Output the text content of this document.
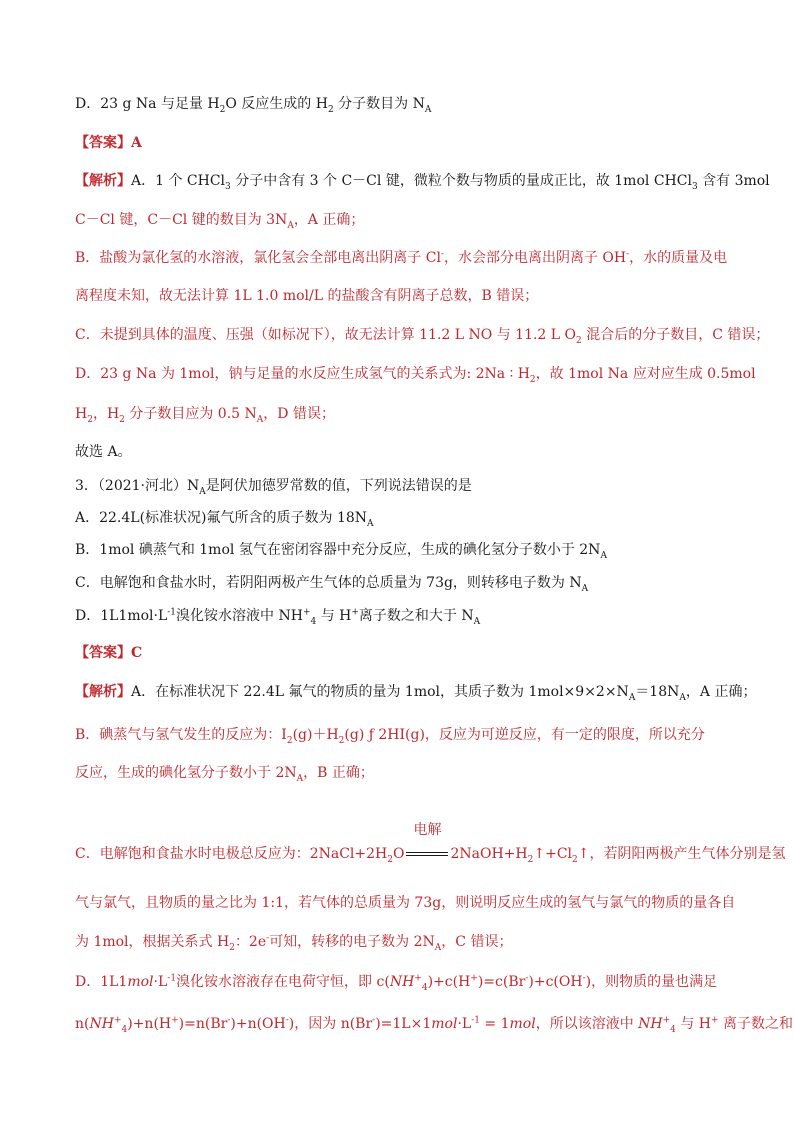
D．23 g Na 与足量 $H_2O$ 反应生成的 $H_2$ 分子数目为 $N_A$
【答案】A
【解析】A．1 个 CHCl$_3$ 分子中含有 3 个 C－Cl 键，微粒个数与物质的量成正比，故 1mol CHCl$_3$ 含有 3mol
C－Cl 键，C－Cl 键的数目为 $3N_A$，A 正确；
B．盐酸为氯化氢的水溶液，氯化氢会全部电离出阴离子 Cl-，水会部分电离出阴离子 OH-，水的质量及电
离程度未知，故无法计算 1L 1.0 mol/L 的盐酸含有阴离子总数，B 错误；
C．未提到具体的温度、压强（如标况下），故无法计算 11.2 L NO 与 11.2 L $O_2$ 混合后的分子数目，C 错误；
D．23 g Na 为 1mol，钠与足量的水反应生成氢气的关系式为: 2Na ∶ $H_2$，故 1mol Na 应对应生成 0.5mol
$H_2$，$H_2$ 分子数目应为 0.5 $N_A$，D 错误；
故选 A。
3．（2021·河北）$N_A$是阿伏加德罗常数的值，下列说法错误的是
A．22.4L(标准状况)氟气所含的质子数为 $18N_A$
B．1mol 碘蒸气和 1mol 氢气在密闭容器中充分反应，生成的碘化氢分子数小于 $2N_A$
C．电解饱和食盐水时，若阴阳两极产生气体的总质量为 73g，则转移电子数为 $N_A$
D．$1L1mol\cdot L^{-1}$溴化铵水溶液中 $NH^+_4$ 与 H+离子数之和大于 $N_A$
【答案】C
【解析】A．在标准状况下 22.4L 氟气的物质的量为 1mol，其质子数为 $1mol\times 9\times 2\times N_A=18N_A$，A 正确；
B．碘蒸气与氢气发生的反应为：$I_2(g)+H_2(g)$ ƒ 2HI(g)，反应为可逆反应，有一定的限度，所以充分
反应，生成的碘化氢分子数小于 $2N_A$，B 正确；
C．电解饱和食盐水时电极总反应为：$2NaCl+2H_2O$
电解
$2NaOH+H_2↑+Cl_2↑$，若阴阳两极产生气体分别是氢
气与氯气，且物质的量之比为 1:1，若气体的总质量为 73g，则说明反应生成的氢气与氯气的物质的量各自
为 1mol，根据关系式 $H_2$：2e-可知，转移的电子数为 $2N_A$，C 错误；
D．$1L1mol\cdot L^{-1}$溴化铵水溶液存在电荷守恒，即 $c(NH^+_4)+c(H^+)=c(Br^-)+c(OH^-)$，则物质的量也满足
$n(NH^+_4)+n(H^+)=n(Br^-)+n(OH^-)$，因为 $n(Br^-)=1L\times 1mol\cdot L^{-1} = 1mol$，所以该溶液中 $NH^+_4$ 与 H+ 离子数之和
